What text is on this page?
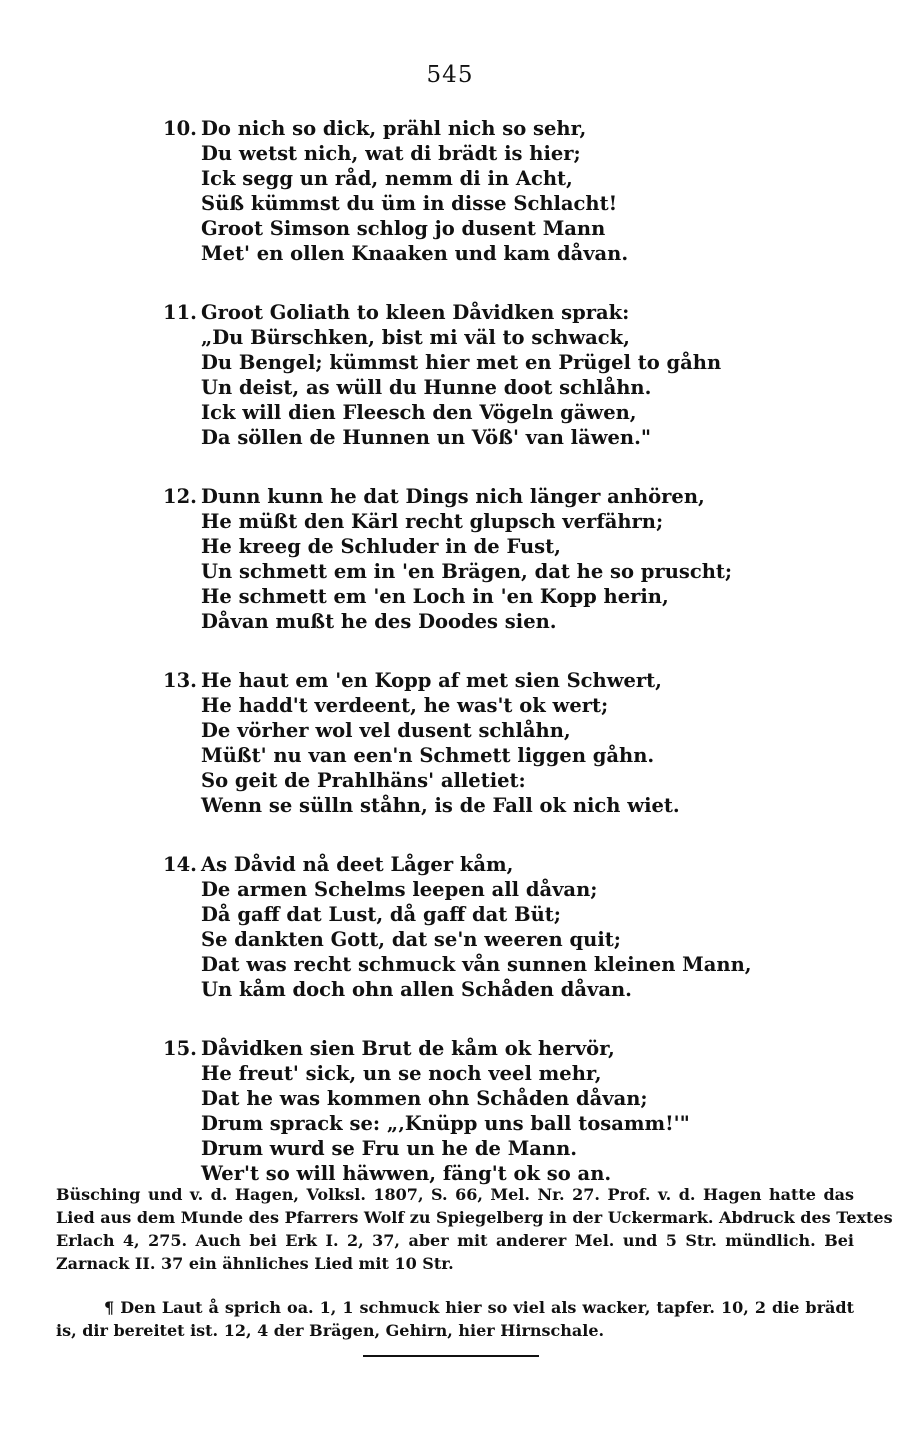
545
10. Do nich so dick, prähl nich so sehr,
Du wetst nich, wat di brädt is hier;
Ick segg un råd, nemm di in Acht,
Süß kümmst du üm in disse Schlacht!
Groot Simson schlog jo dusent Mann
Met' en ollen Knaaken und kam dåvan.
11. Groot Goliath to kleen Dåvidken sprak:
„Du Bürschken, bist mi väl to schwack,
Du Bengel; kümmst hier met en Prügel to gåhn
Un deist, as wüll du Hunne doot schlåhn.
Ick will dien Fleesch den Vögeln gäwen,
Da söllen de Hunnen un Vöß' van läwen."
12. Dunn kunn he dat Dings nich länger anhören,
He müßt den Kärl recht glupsch verfährn;
He kreeg de Schluder in de Fust,
Un schmett em in 'en Brägen, dat he so pruscht;
He schmett em 'en Loch in 'en Kopp herin,
Dåvan mußt he des Doodes sien.
13. He haut em 'en Kopp af met sien Schwert,
He hadd't verdeent, he was't ok wert;
De vörher wol vel dusent schlåhn,
Müßt' nu van een'n Schmett liggen gåhn.
So geit de Prahlhäns' alletiet:
Wenn se sülln ståhn, is de Fall ok nich wiet.
14. As Dåvid nå deet Låger kåm,
De armen Schelms leepen all dåvan;
Då gaff dat Lust, då gaff dat Büt;
Se dankten Gott, dat se'n weeren quit;
Dat was recht schmuck vån sunnen kleinen Mann,
Un kåm doch ohn allen Schåden dåvan.
15. Dåvidken sien Brut de kåm ok hervör,
He freut' sick, un se noch veel mehr,
Dat he was kommen ohn Schåden dåvan;
Drum sprack se: „‚Knüpp uns ball tosamm!'"
Drum wurd se Fru un he de Mann.
Wer't so will häwwen, fäng't ok so an.

Büsching und v. d. Hagen, Volksl. 1807, S. 66, Mel. Nr. 27. Prof. v. d. Hagen hatte das
Lied aus dem Munde des Pfarrers Wolf zu Spiegelberg in der Uckermark. Abdruck des Textes
Erlach 4, 275. Auch bei Erk I. 2, 37, aber mit anderer Mel. und 5 Str. mündlich. Bei
Zarnack II. 37 ein ähnliches Lied mit 10 Str.

¶ Den Laut å sprich oa. 1, 1 schmuck hier so viel als wacker, tapfer. 10, 2 die brädt
is, dir bereitet ist. 12, 4 der Brägen, Gehirn, hier Hirnschale.
